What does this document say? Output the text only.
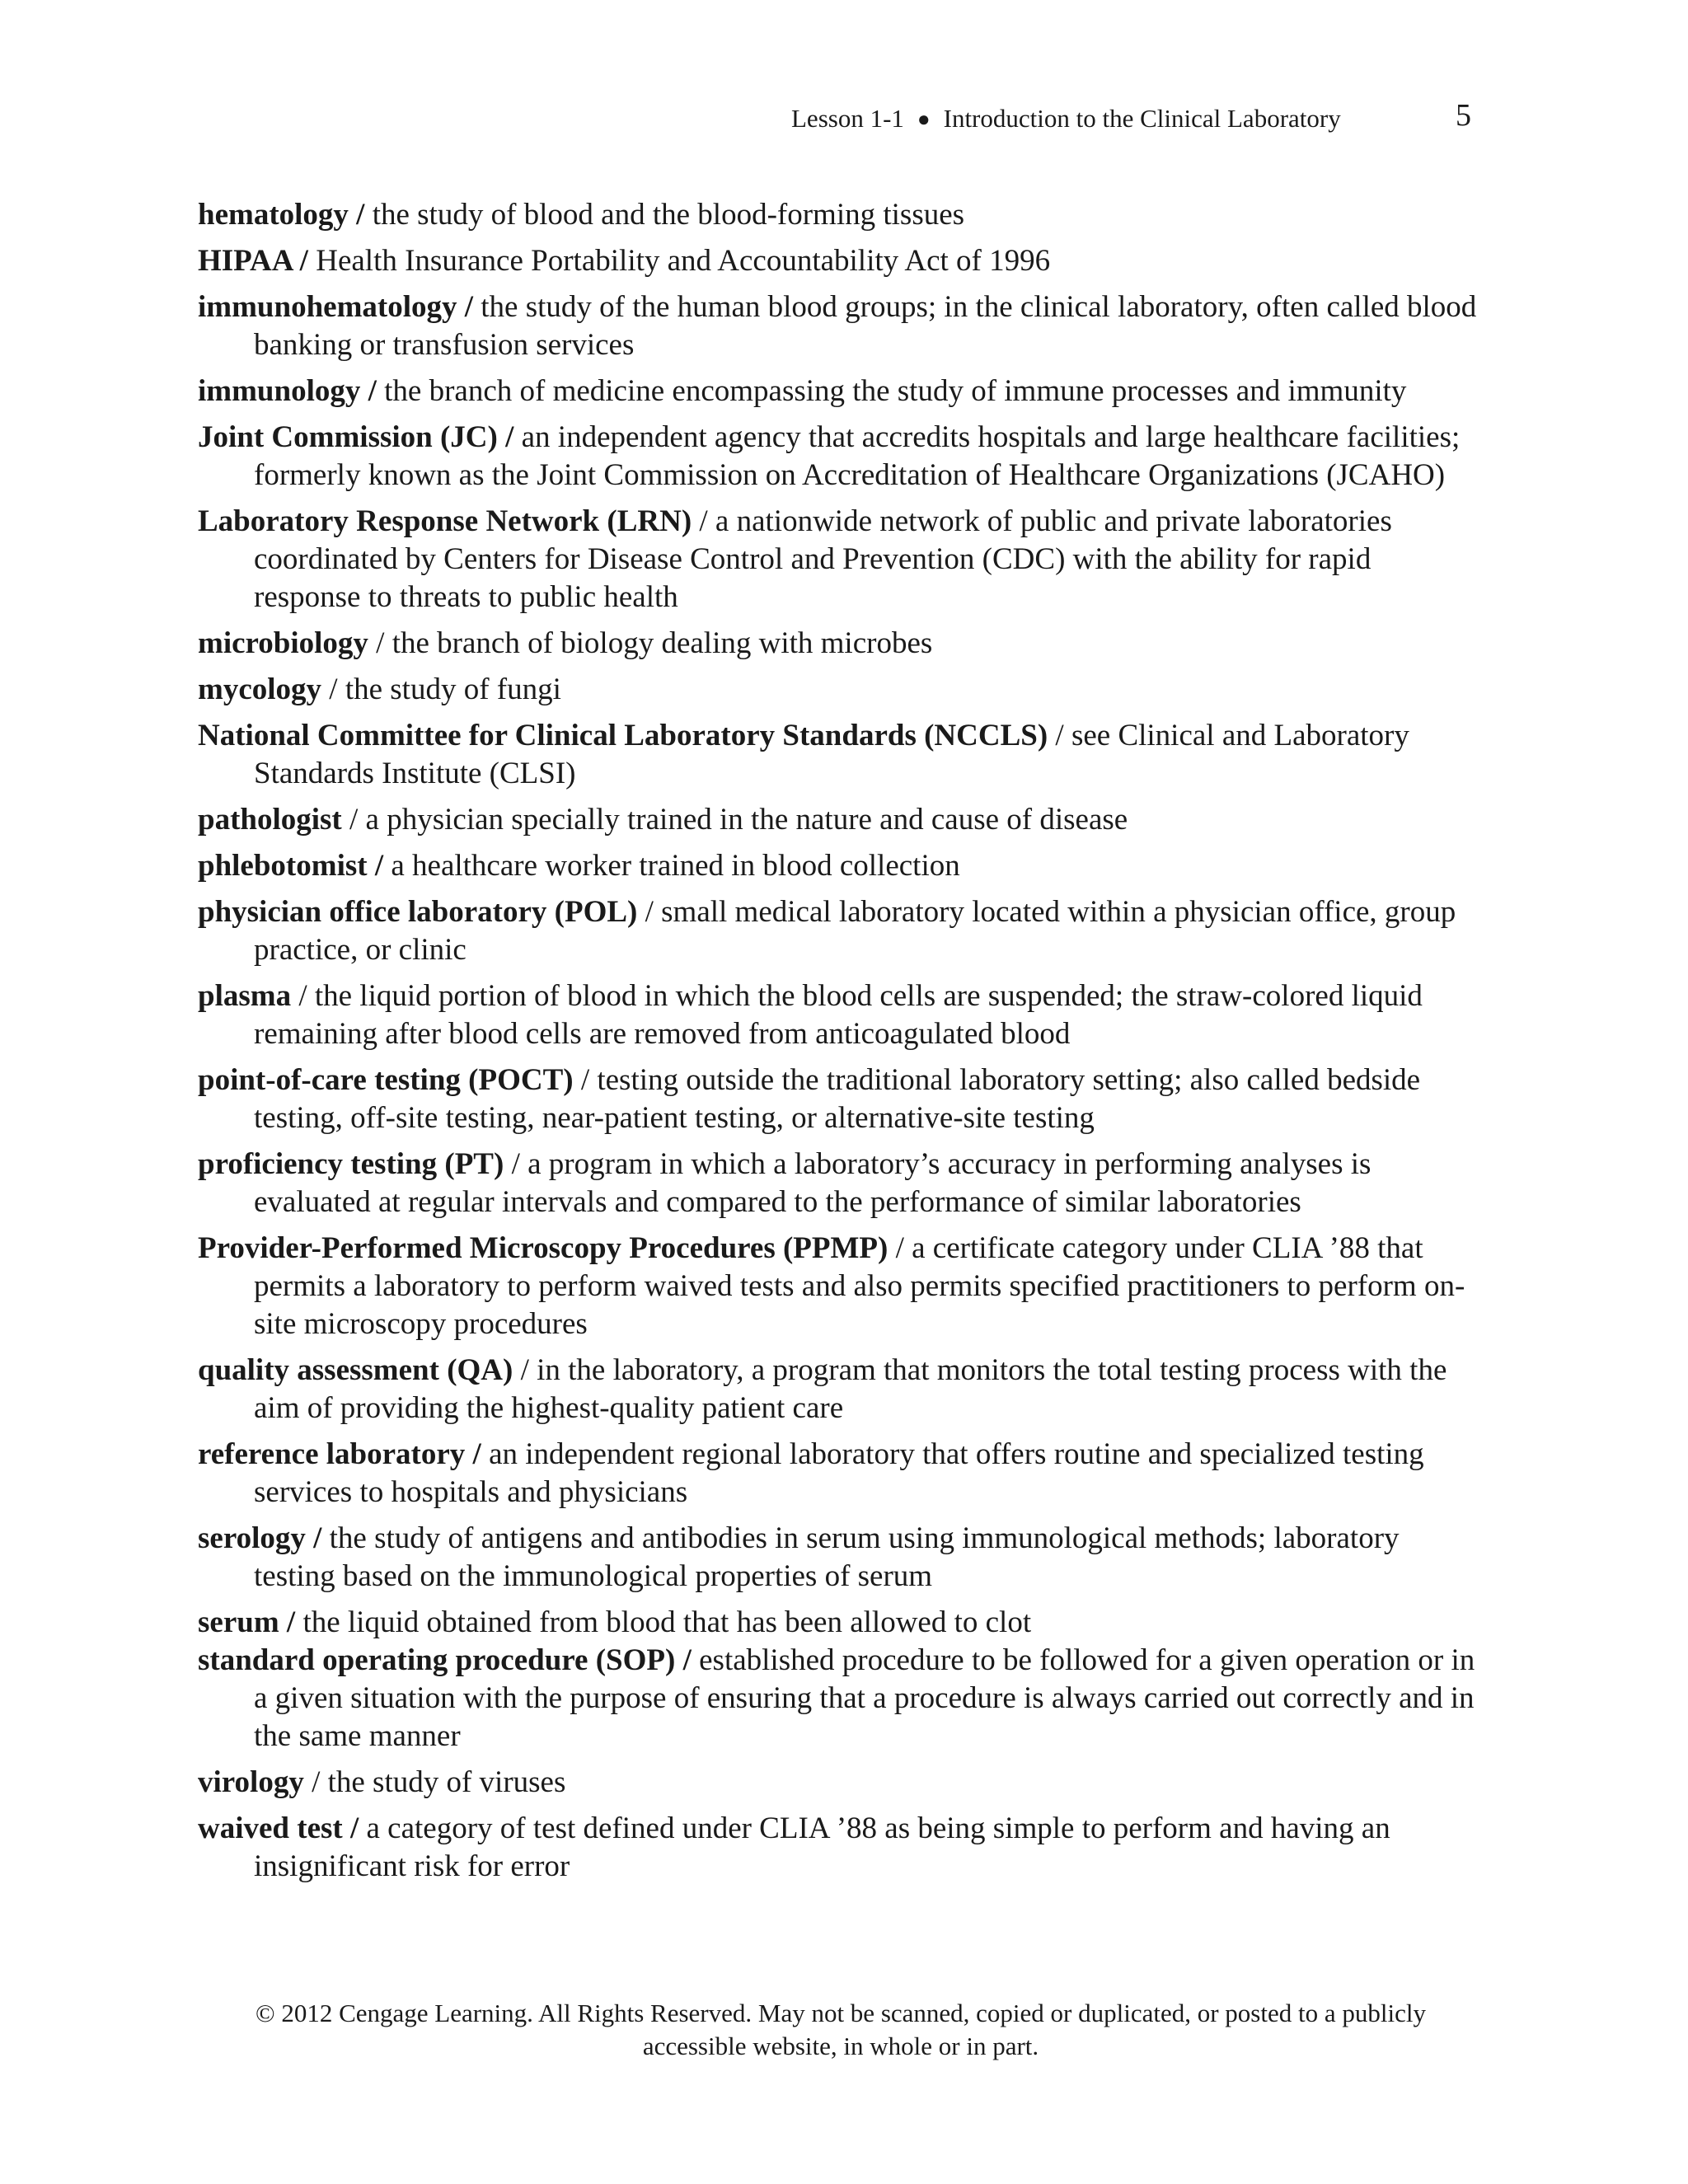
Lesson 1-1 ● Introduction to the Clinical Laboratory	5
hematology / the study of blood and the blood-forming tissues
HIPAA / Health Insurance Portability and Accountability Act of 1996
immunohematology / the study of the human blood groups; in the clinical laboratory, often called blood banking or transfusion services
immunology / the branch of medicine encompassing the study of immune processes and immunity
Joint Commission (JC) / an independent agency that accredits hospitals and large healthcare facilities; formerly known as the Joint Commission on Accreditation of Healthcare Organizations (JCAHO)
Laboratory Response Network (LRN) / a nationwide network of public and private laboratories coordinated by Centers for Disease Control and Prevention (CDC) with the ability for rapid response to threats to public health
microbiology / the branch of biology dealing with microbes
mycology / the study of fungi
National Committee for Clinical Laboratory Standards (NCCLS) / see Clinical and Laboratory Standards Institute (CLSI)
pathologist / a physician specially trained in the nature and cause of disease
phlebotomist / a healthcare worker trained in blood collection
physician office laboratory (POL) / small medical laboratory located within a physician office, group practice, or clinic
plasma / the liquid portion of blood in which the blood cells are suspended; the straw-colored liquid remaining after blood cells are removed from anticoagulated blood
point-of-care testing (POCT) / testing outside the traditional laboratory setting; also called bedside testing, off-site testing, near-patient testing, or alternative-site testing
proficiency testing (PT) / a program in which a laboratory’s accuracy in performing analyses is evaluated at regular intervals and compared to the performance of similar laboratories
Provider-Performed Microscopy Procedures (PPMP) / a certificate category under CLIA ’88 that permits a laboratory to perform waived tests and also permits specified practitioners to perform on-site microscopy procedures
quality assessment (QA) / in the laboratory, a program that monitors the total testing process with the aim of providing the highest-quality patient care
reference laboratory / an independent regional laboratory that offers routine and specialized testing services to hospitals and physicians
serology / the study of antigens and antibodies in serum using immunological methods; laboratory testing based on the immunological properties of serum
serum / the liquid obtained from blood that has been allowed to clot
standard operating procedure (SOP) / established procedure to be followed for a given operation or in a given situation with the purpose of ensuring that a procedure is always carried out correctly and in the same manner
virology / the study of viruses
waived test / a category of test defined under CLIA ’88 as being simple to perform and having an insignificant risk for error
© 2012 Cengage Learning. All Rights Reserved. May not be scanned, copied or duplicated, or posted to a publicly
accessible website, in whole or in part.
